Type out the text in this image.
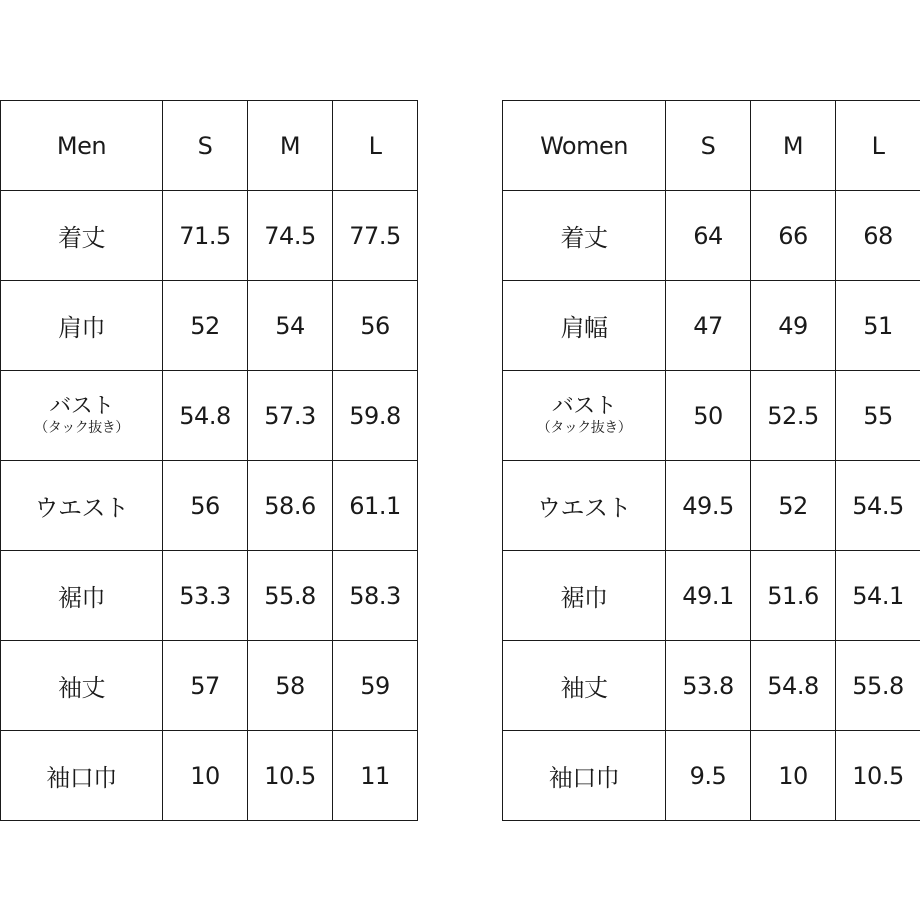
Men	S	M	L
着丈	71.5	74.5	77.5
肩巾	52	54	56

バスト
（タック抜き）	54.8	57.3	59.8
ウエスト	56	58.6	61.1
裾巾	53.3	55.8	58.3
袖丈	57	58	59
袖口巾	10	10.5	11
Women	S	M	L
着丈	64	66	68
肩幅	47	49	51

バスト
（タック抜き）	50	52.5	55
ウエスト	49.5	52	54.5
裾巾	49.1	51.6	54.1
袖丈	53.8	54.8	55.8
袖口巾	9.5	10	10.5
